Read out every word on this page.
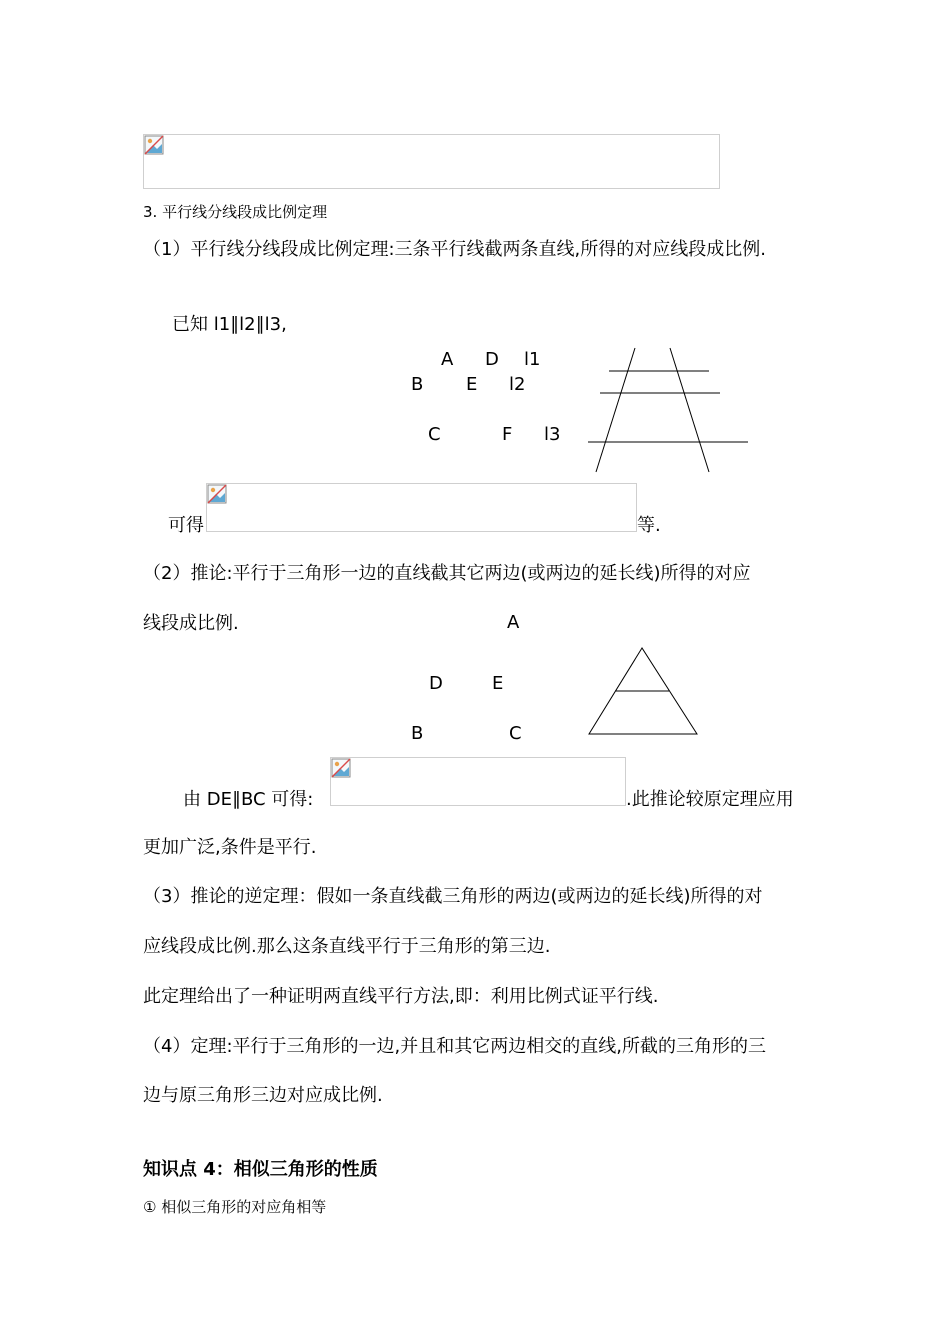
3. 平行线分线段成比例定理
（1）平行线分线段成比例定理:三条平行线截两条直线,所得的对应线段成比例.
已知 l1∥l2∥l3,
A D l1
B E l2
C	F l3
可得	等.
（2）推论:平行于三角形一边的直线截其它两边(或两边的延长线)所得的对应
线段成比例.	A
D	E
B	C
由 DE∥BC 可得:	.此推论较原定理应用
更加广泛,条件是平行.
（3）推论的逆定理：假如一条直线截三角形的两边(或两边的延长线)所得的对
应线段成比例.那么这条直线平行于三角形的第三边.
此定理给出了一种证明两直线平行方法,即：利用比例式证平行线.
（4）定理:平行于三角形的一边,并且和其它两边相交的直线,所截的三角形的三
边与原三角形三边对应成比例.
知识点 4：相似三角形的性质
① 相似三角形的对应角相等
